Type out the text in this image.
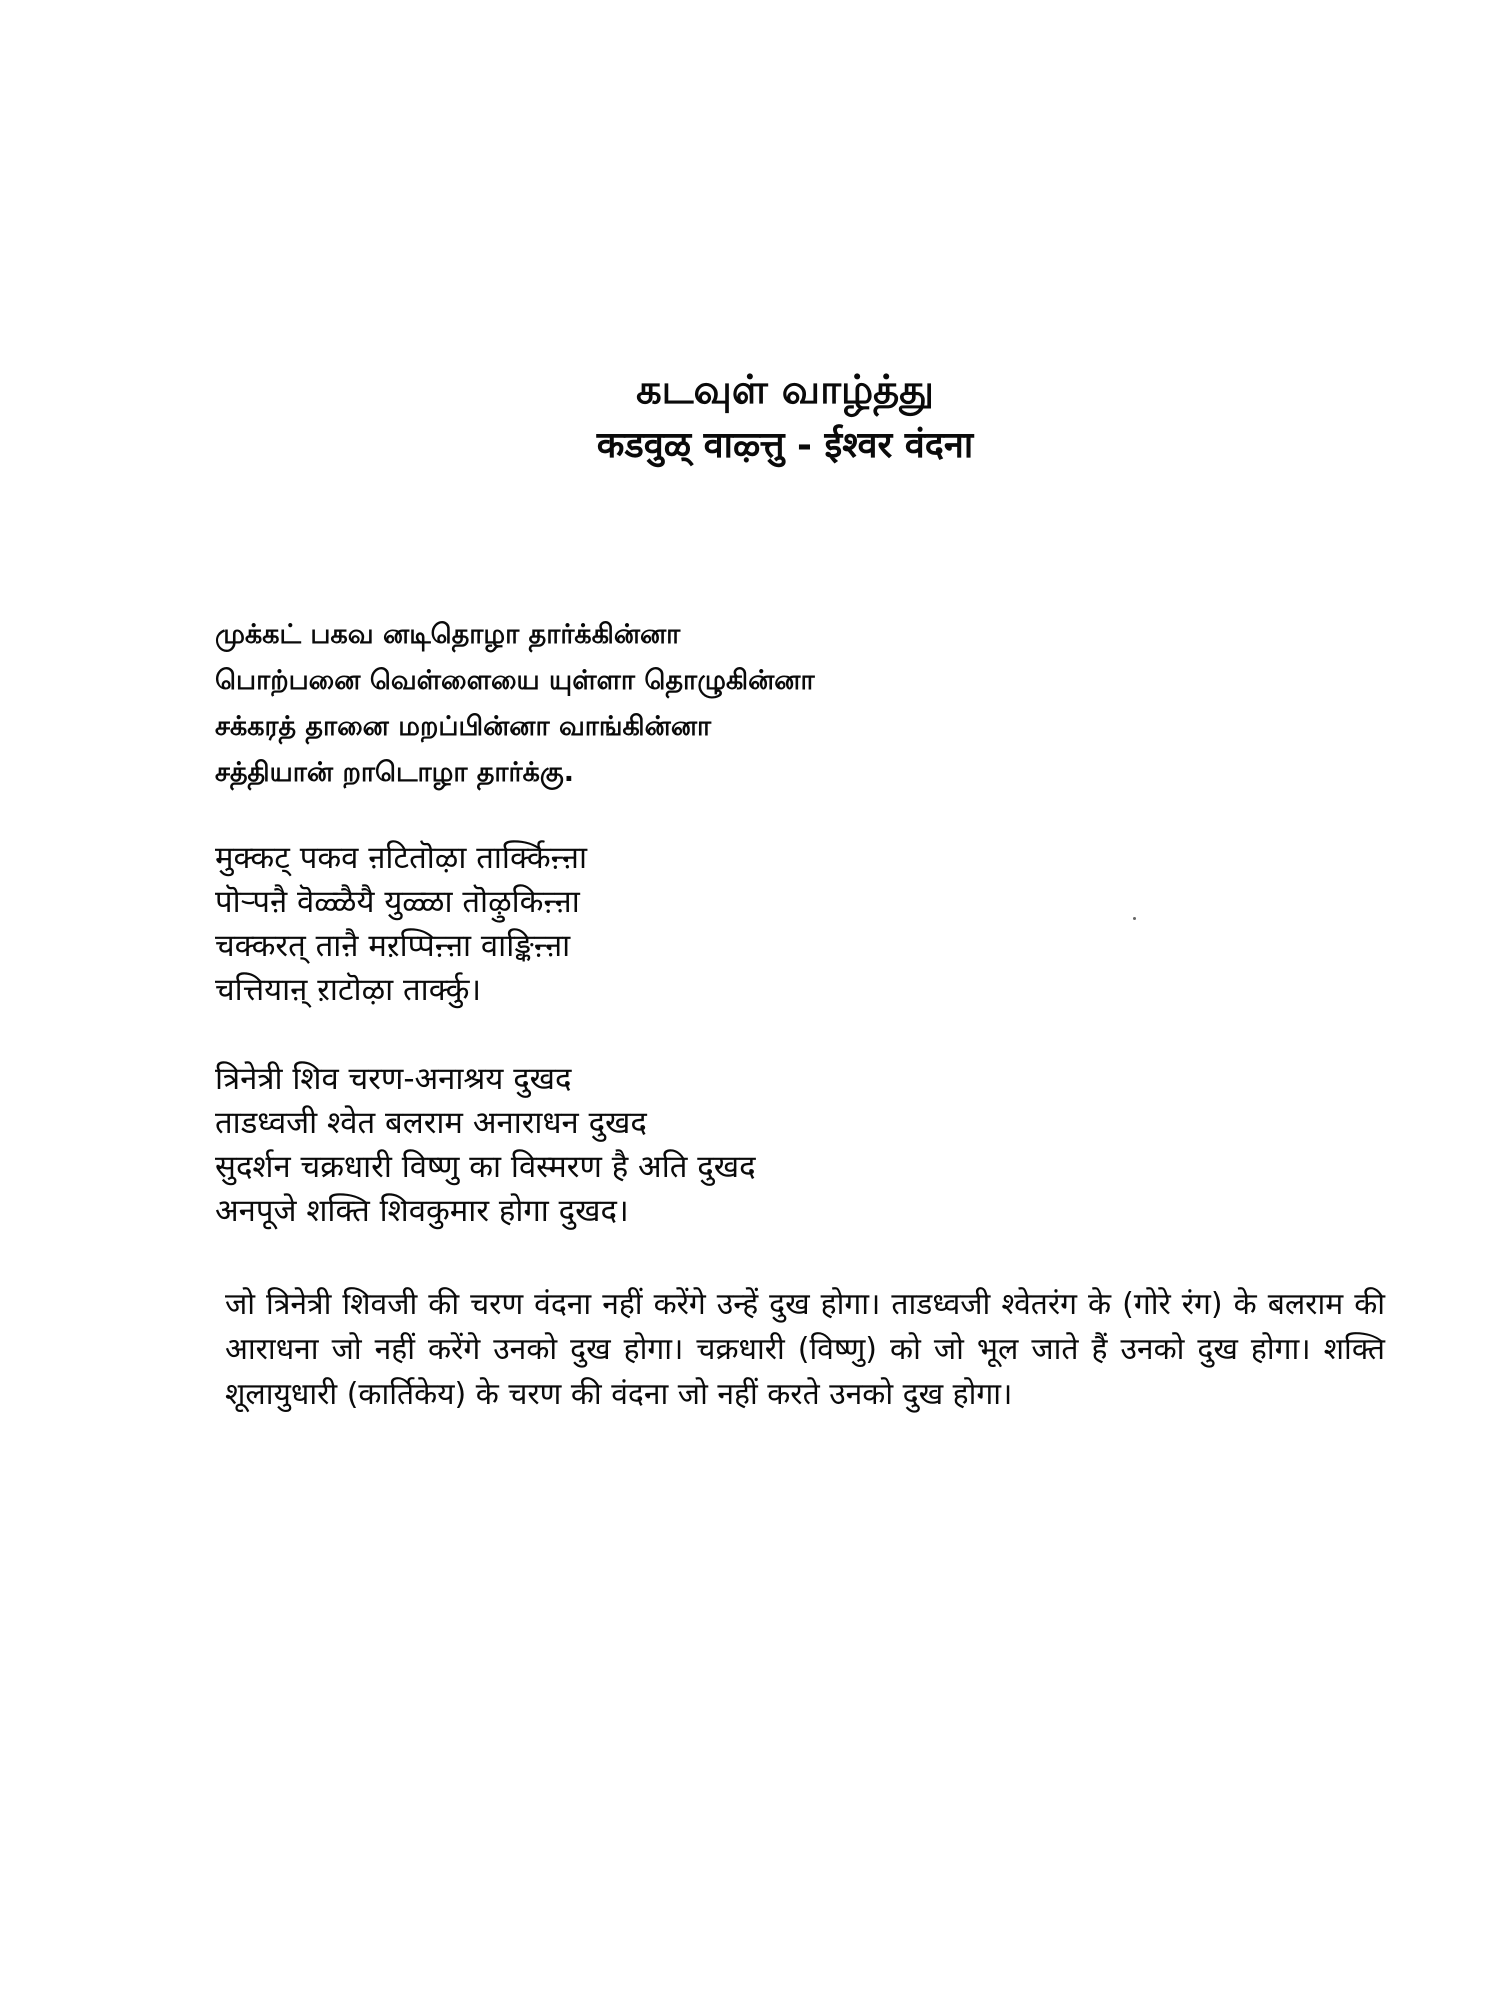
கடவுள் வாழ்த்து

कडवुळ् वाऴ्त्तु - ईश्वर वंदना

முக்கட் பகவ னடிதொழா தார்க்கின்னா
பொற்பனை வெள்ளையை யுள்ளா தொழுகின்னா
சக்கரத் தானை மறப்பின்னா வாங்கின்னா
சத்தியான் றாடொழா தார்க்கு.
मुक्कट् पकव ऩटितॊऴा तार्क्किऩ्ऩा
पॊऱ्पऩै वॆळ्ळैयै युळ्ळा तॊऴुकिऩ्ऩा
चक्करत् ताऩै मऱप्पिऩ्ऩा वाङ्किऩ्ऩा
चत्तियाऩ् ऱाटॊऴा तार्क्कु।
त्रिनेत्री शिव चरण-अनाश्रय दुखद
ताडध्वजी श्वेत बलराम अनाराधन दुखद
सुदर्शन चक्रधारी विष्णु का विस्मरण है अति दुखद
अनपूजे शक्ति शिवकुमार होगा दुखद।

जो त्रिनेत्री शिवजी की चरण वंदना नहीं करेंगे उन्हें दुख होगा। ताडध्वजी श्वेतरंग के (गोरे रंग) के बलराम की आराधना जो नहीं करेंगे उनको दुख होगा। चक्रधारी (विष्णु) को जो भूल जाते हैं उनको दुख होगा। शक्ति शूलायुधारी (कार्तिकेय) के चरण की वंदना जो नहीं करते उनको दुख होगा।
